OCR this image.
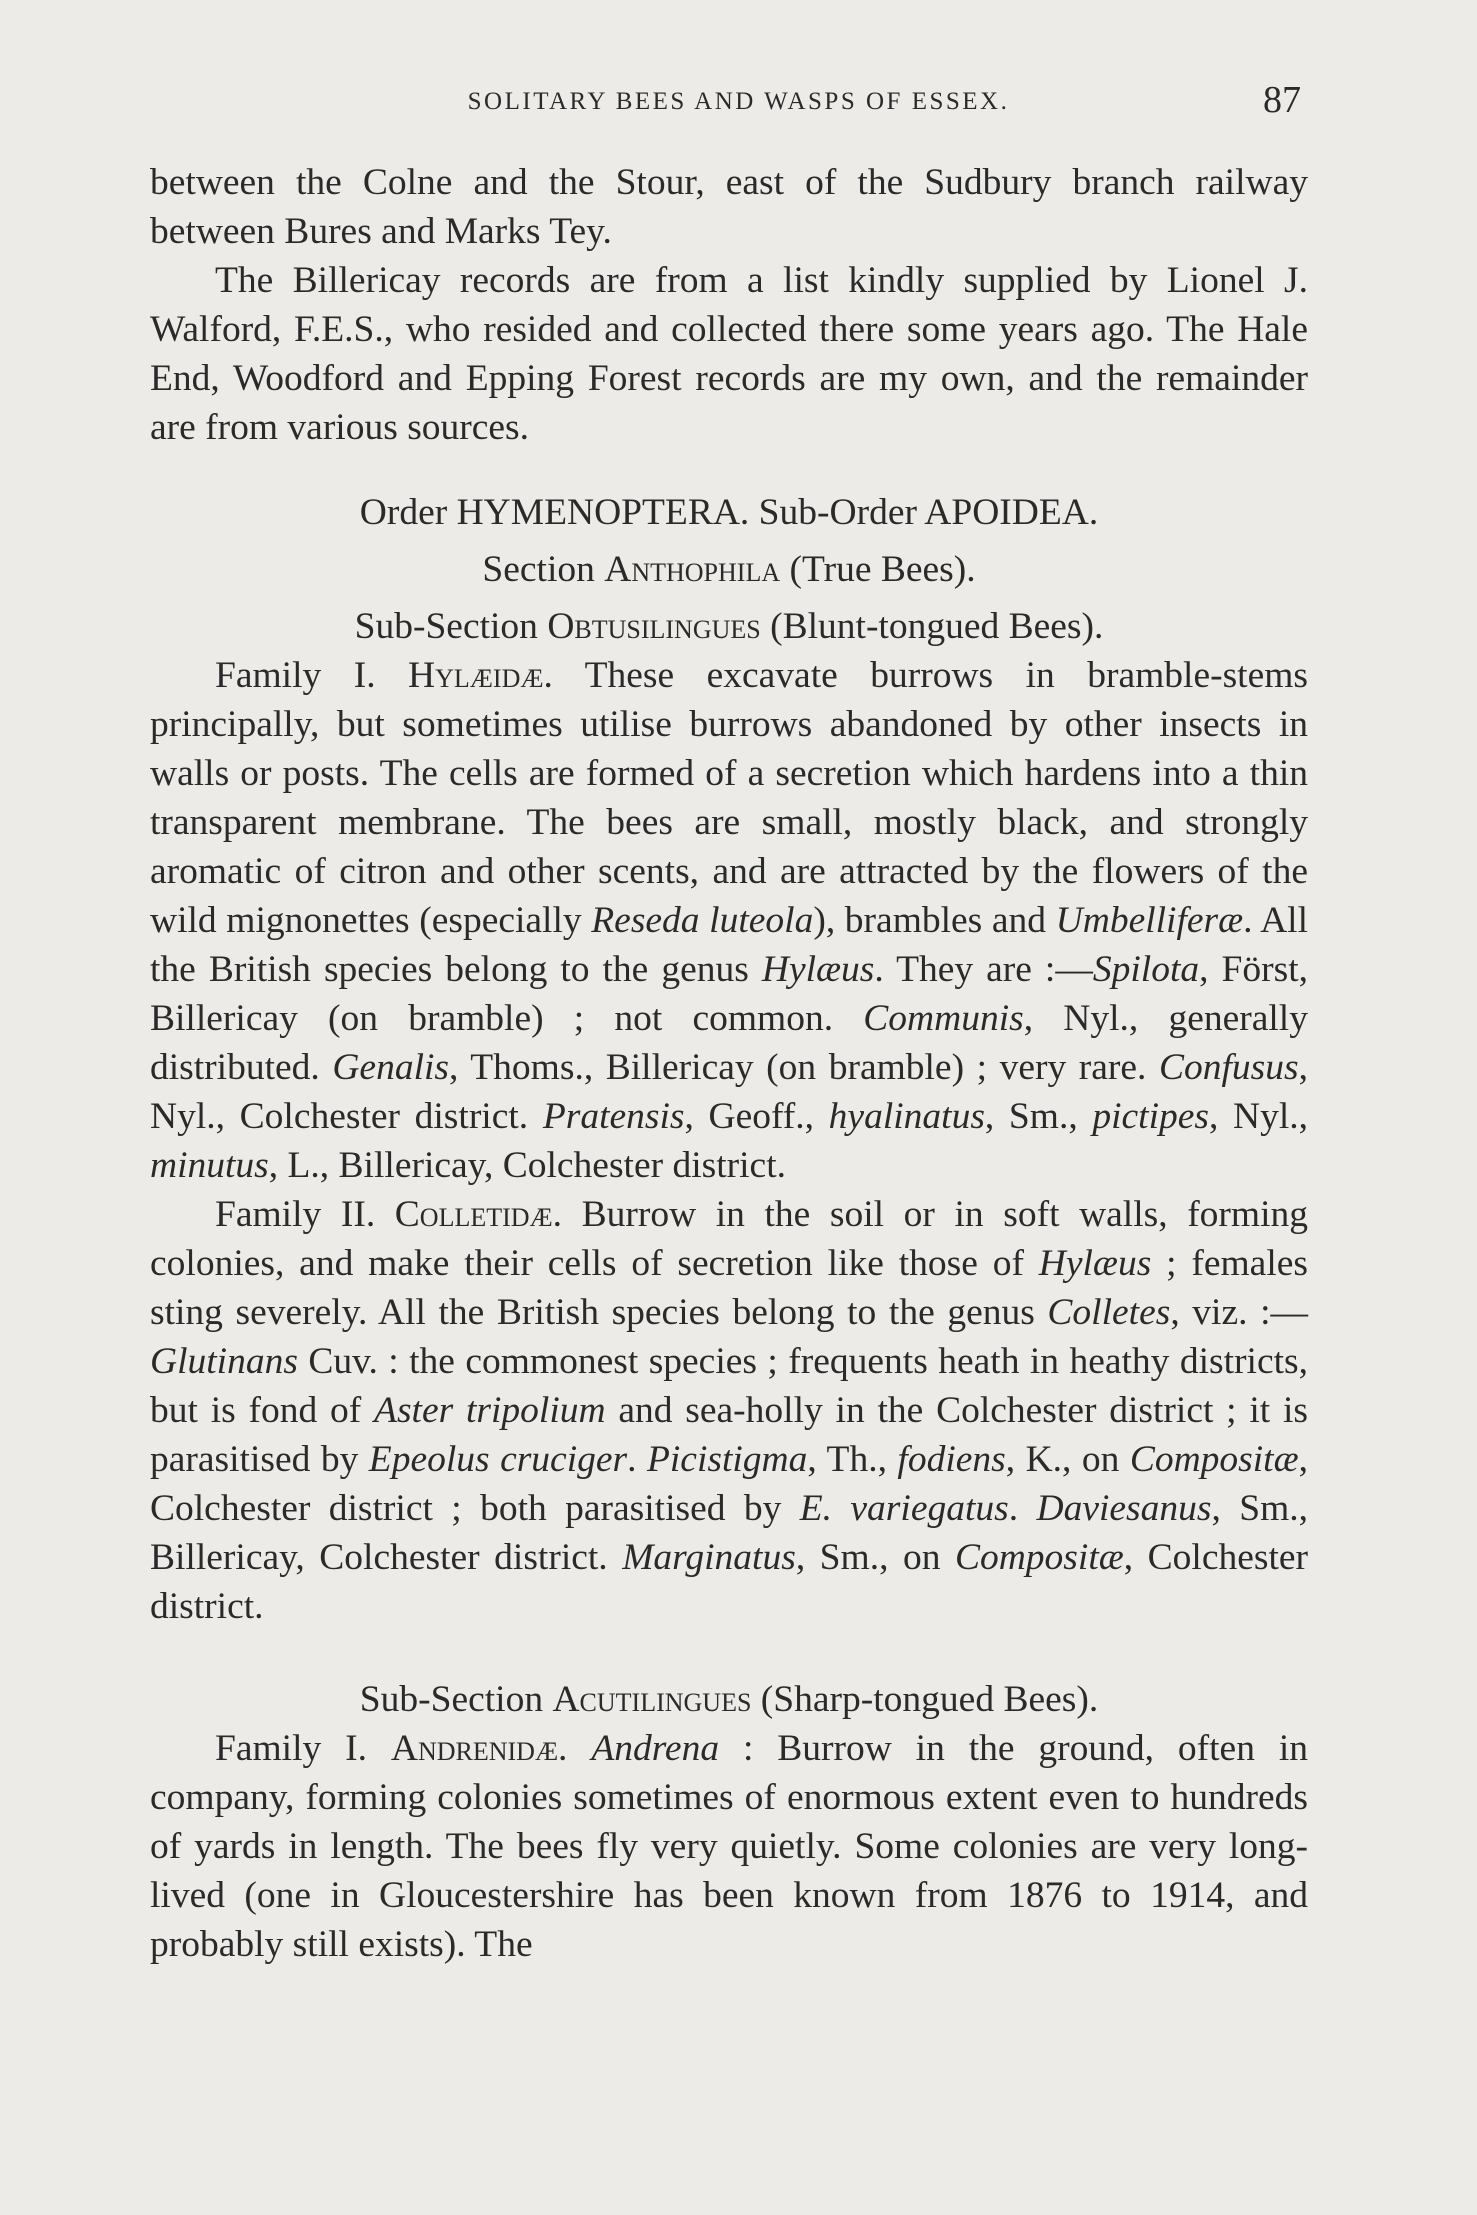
SOLITARY BEES AND WASPS OF ESSEX.	87

between the Colne and the Stour, east of the Sudbury branch railway between Bures and Marks Tey.

The Billericay records are from a list kindly supplied by Lionel J. Walford, F.E.S., who resided and collected there some years ago. The Hale End, Woodford and Epping Forest records are my own, and the remainder are from various sources.

Order HYMENOPTERA. Sub-Order APOIDEA.

Section Anthophila (True Bees).

Sub-Section Obtusilingues (Blunt-tongued Bees).

Family I. Hylæidæ. These excavate burrows in bramble-stems principally, but sometimes utilise burrows abandoned by other insects in walls or posts. The cells are formed of a secretion which hardens into a thin transparent membrane. The bees are small, mostly black, and strongly aromatic of citron and other scents, and are attracted by the flowers of the wild mignonettes (especially Reseda luteola), brambles and Umbelliferæ. All the British species belong to the genus Hylæus. They are :—Spilota, Först, Billericay (on bramble) ; not common. Communis, Nyl., generally distributed. Genalis, Thoms., Billericay (on bramble) ; very rare. Confusus, Nyl., Colchester district. Pratensis, Geoff., hyalinatus, Sm., pictipes, Nyl., minutus, L., Billericay, Colchester district.

Family II. Colletidæ. Burrow in the soil or in soft walls, forming colonies, and make their cells of secretion like those of Hylæus ; females sting severely. All the British species belong to the genus Colletes, viz. :—Glutinans Cuv. : the commonest species ; frequents heath in heathy districts, but is fond of Aster tripolium and sea-holly in the Colchester district ; it is parasitised by Epeolus cruciger. Picistigma, Th., fodiens, K., on Compositæ, Colchester district ; both parasitised by E. variegatus. Daviesanus, Sm., Billericay, Colchester district. Marginatus, Sm., on Compositæ, Colchester district.

Sub-Section Acutilingues (Sharp-tongued Bees).

Family I. Andrenidæ. Andrena : Burrow in the ground, often in company, forming colonies sometimes of enormous extent even to hundreds of yards in length. The bees fly very quietly. Some colonies are very long-lived (one in Gloucestershire has been known from 1876 to 1914, and probably still exists). The
